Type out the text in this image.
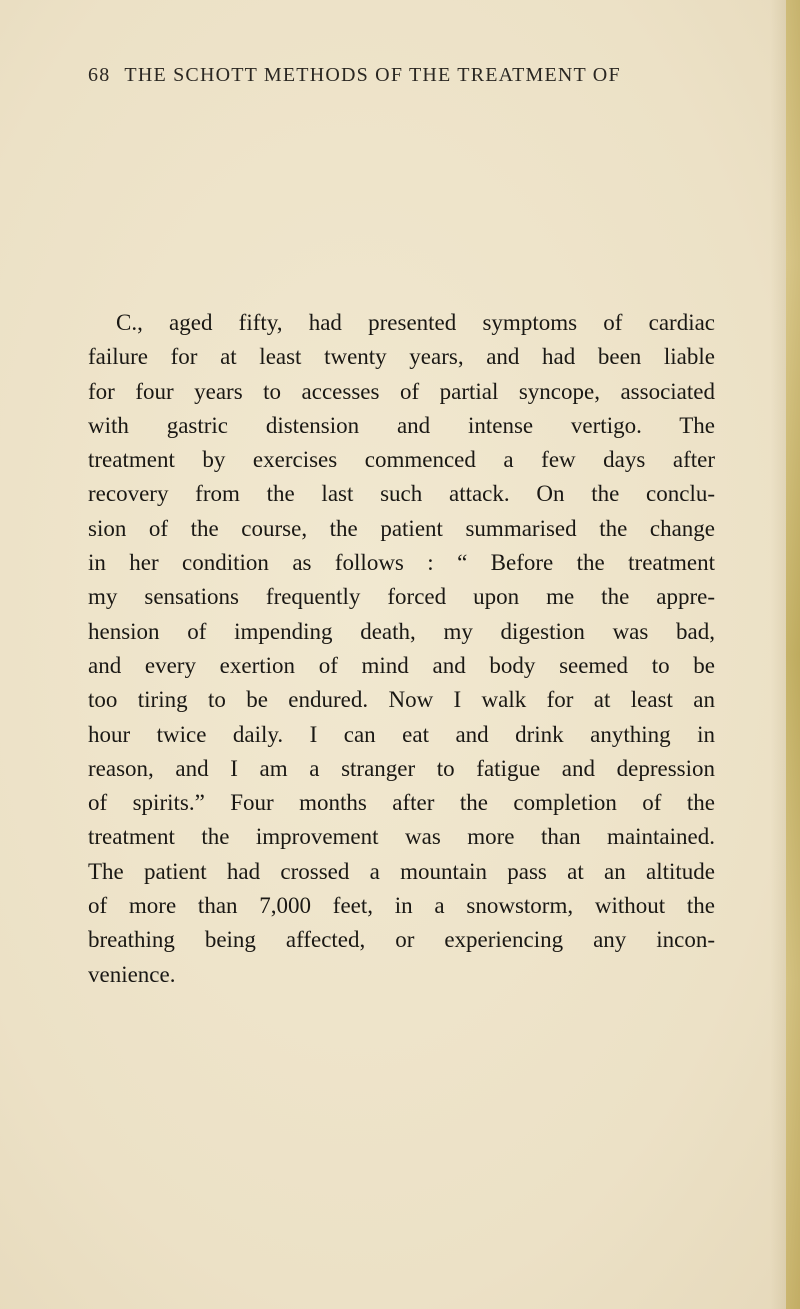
68 THE SCHOTT METHODS OF THE TREATMENT OF
C., aged fifty, had presented symptoms of cardiac
failure for at least twenty years, and had been liable
for four years to accesses of partial syncope, associated
with gastric distension and intense vertigo. The
treatment by exercises commenced a few days after
recovery from the last such attack. On the conclu-
sion of the course, the patient summarised the change
in her condition as follows : “ Before the treatment
my sensations frequently forced upon me the appre-
hension of impending death, my digestion was bad,
and every exertion of mind and body seemed to be
too tiring to be endured. Now I walk for at least an
hour twice daily. I can eat and drink anything in
reason, and I am a stranger to fatigue and depression
of spirits.” Four months after the completion of the
treatment the improvement was more than maintained.
The patient had crossed a mountain pass at an altitude
of more than 7,000 feet, in a snowstorm, without the
breathing being affected, or experiencing any incon-
venience.
